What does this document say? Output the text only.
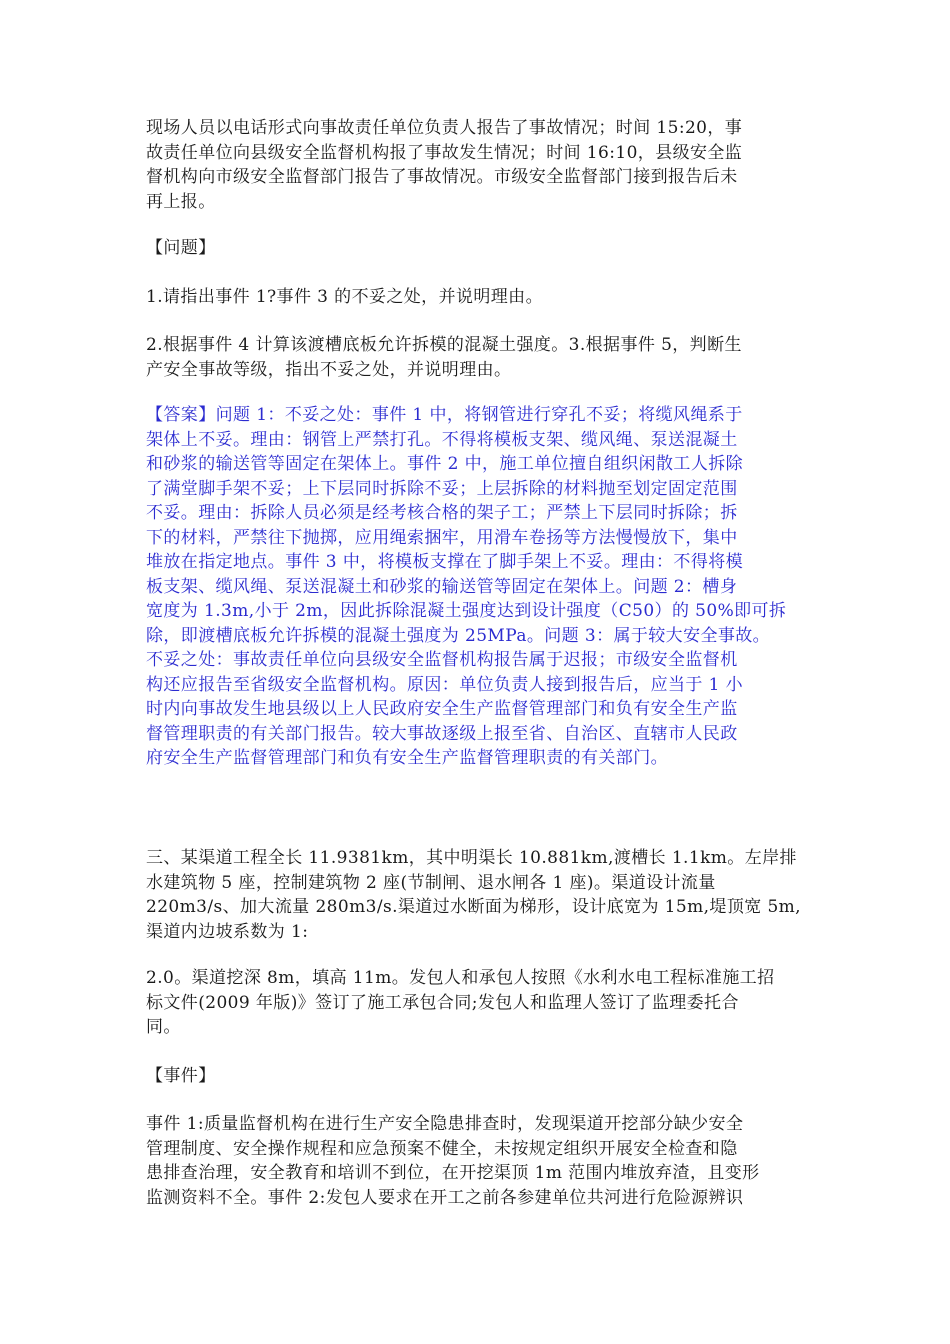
现场人员以电话形式向事故责任单位负责人报告了事故情况；时间 15:20，事
故责任单位向县级安全监督机构报了事故发生情况；时间 16:10，县级安全监
督机构向市级安全监督部门报告了事故情况。市级安全监督部门接到报告后未
再上报。
【问题】
1.请指出事件 1?事件 3 的不妥之处，并说明理由。
2.根据事件 4 计算该渡槽底板允许拆模的混凝土强度。3.根据事件 5，判断生
产安全事故等级，指出不妥之处，并说明理由。
【答案】问题 1：不妥之处：事件 1 中，将钢管进行穿孔不妥；将缆风绳系于
架体上不妥。理由：钢管上严禁打孔。不得将模板支架、缆风绳、泵送混凝土
和砂浆的输送管等固定在架体上。事件 2 中，施工单位擅自组织闲散工人拆除
了满堂脚手架不妥；上下层同时拆除不妥；上层拆除的材料抛至划定固定范围
不妥。理由：拆除人员必须是经考核合格的架子工；严禁上下层同时拆除；拆
下的材料，严禁往下抛掷，应用绳索捆牢，用滑车卷扬等方法慢慢放下，集中
堆放在指定地点。事件 3 中，将模板支撑在了脚手架上不妥。理由：不得将模
板支架、缆风绳、泵送混凝土和砂浆的输送管等固定在架体上。问题 2：槽身
宽度为 1.3m,小于 2m，因此拆除混凝土强度达到设计强度（C50）的 50%即可拆
除，即渡槽底板允许拆模的混凝土强度为 25MPa。问题 3：属于较大安全事故。
不妥之处：事故责任单位向县级安全监督机构报告属于迟报；市级安全监督机
构还应报告至省级安全监督机构。原因：单位负责人接到报告后，应当于 1 小
时内向事故发生地县级以上人民政府安全生产监督管理部门和负有安全生产监
督管理职责的有关部门报告。较大事故逐级上报至省、自治区、直辖市人民政
府安全生产监督管理部门和负有安全生产监督管理职责的有关部门。
三、某渠道工程全长 11.9381km，其中明渠长 10.881km,渡槽长 1.1km。左岸排
水建筑物 5 座，控制建筑物 2 座(节制闸、退水闸各 1 座)。渠道设计流量
220m3/s、加大流量 280m3/s.渠道过水断面为梯形，设计底宽为 15m,堤顶宽 5m,
渠道内边坡系数为 1:
2.0。渠道挖深 8m，填高 11m。发包人和承包人按照《水利水电工程标准施工招
标文件(2009 年版)》签订了施工承包合同;发包人和监理人签订了监理委托合
同。
【事件】
事件 1:质量监督机构在进行生产安全隐患排查时，发现渠道开挖部分缺少安全
管理制度、安全操作规程和应急预案不健全，未按规定组织开展安全检查和隐
患排查治理，安全教育和培训不到位，在开挖渠顶 1m 范围内堆放弃渣，且变形
监测资料不全。事件 2:发包人要求在开工之前各参建单位共河进行危险源辨识
